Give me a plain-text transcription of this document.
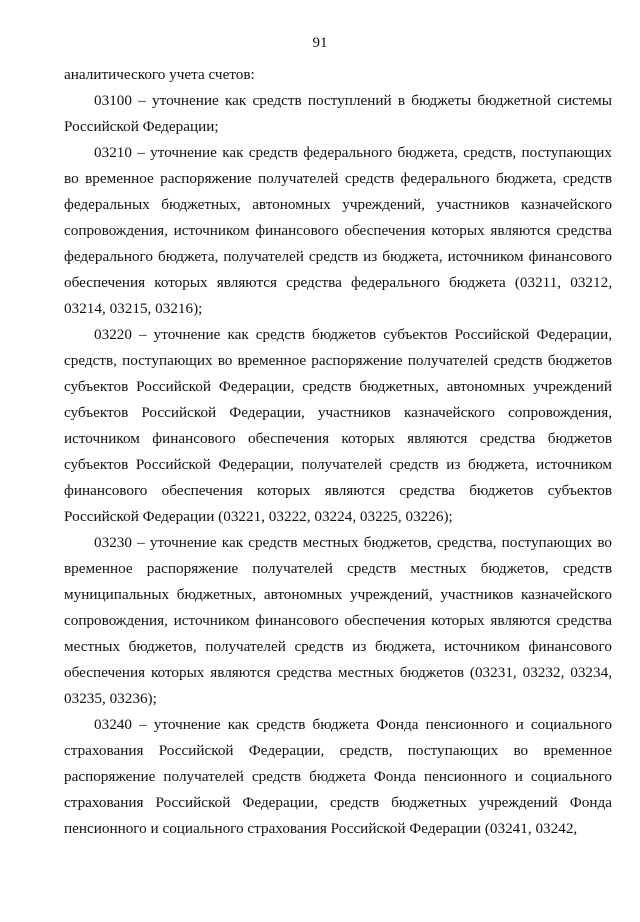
91

аналитического учета счетов:

03100 – уточнение как средств поступлений в бюджеты бюджетной системы Российской Федерации;

03210 – уточнение как средств федерального бюджета, средств, поступающих во временное распоряжение получателей средств федерального бюджета, средств федеральных бюджетных, автономных учреждений, участников казначейского сопровождения, источником финансового обеспечения которых являются средства федерального бюджета, получателей средств из бюджета, источником финансового обеспечения которых являются средства федерального бюджета (03211, 03212, 03214, 03215, 03216);

03220 – уточнение как средств бюджетов субъектов Российской Федерации, средств, поступающих во временное распоряжение получателей средств бюджетов субъектов Российской Федерации, средств бюджетных, автономных учреждений субъектов Российской Федерации, участников казначейского сопровождения, источником финансового обеспечения которых являются средства бюджетов субъектов Российской Федерации, получателей средств из бюджета, источником финансового обеспечения которых являются средства бюджетов субъектов Российской Федерации (03221, 03222, 03224, 03225, 03226);

03230 – уточнение как средств местных бюджетов, средства, поступающих во временное распоряжение получателей средств местных бюджетов, средств муниципальных бюджетных, автономных учреждений, участников казначейского сопровождения, источником финансового обеспечения которых являются средства местных бюджетов, получателей средств из бюджета, источником финансового обеспечения которых являются средства местных бюджетов (03231, 03232, 03234, 03235, 03236);

03240 – уточнение как средств бюджета Фонда пенсионного и социального страхования Российской Федерации, средств, поступающих во временное распоряжение получателей средств бюджета Фонда пенсионного и социального страхования Российской Федерации, средств бюджетных учреждений Фонда пенсионного и социального страхования Российской Федерации (03241, 03242,
